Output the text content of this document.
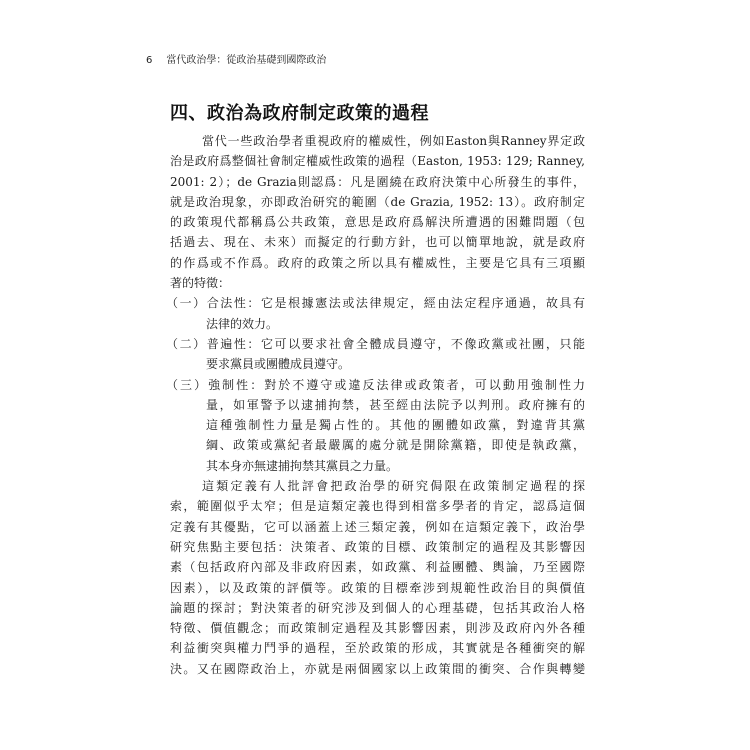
6 當代政治學：從政治基礎到國際政治
四、政治為政府制定政策的過程
當代一些政治學者重視政府的權威性，例如Easton與Ranney界定政
治是政府爲整個社會制定權威性政策的過程（Easton, 1953: 129; Ranney,
2001: 2）；de Grazia則認爲：凡是圍繞在政府決策中心所發生的事件，
就是政治現象，亦即政治研究的範圍（de Grazia, 1952: 13）。政府制定
的政策現代都稱爲公共政策，意思是政府爲解決所遭遇的困難問題（包
括過去、現在、未來）而擬定的行動方針，也可以簡單地說，就是政府
的作爲或不作爲。政府的政策之所以具有權威性，主要是它具有三項顯
著的特徵：
（一）合法性：它是根據憲法或法律規定，經由法定程序通過，故具有
法律的效力。
（二）普遍性：它可以要求社會全體成員遵守，不像政黨或社團，只能
要求黨員或團體成員遵守。
（三）強制性：對於不遵守或違反法律或政策者，可以動用強制性力
量，如軍警予以逮捕拘禁，甚至經由法院予以判刑。政府擁有的
這種強制性力量是獨占性的。其他的團體如政黨，對違背其黨
綱、政策或黨紀者最嚴厲的處分就是開除黨籍，即使是執政黨，
其本身亦無逮捕拘禁其黨員之力量。
這類定義有人批評會把政治學的研究侷限在政策制定過程的探
索，範圍似乎太窄；但是這類定義也得到相當多學者的肯定，認爲這個
定義有其優點，它可以涵蓋上述三類定義，例如在這類定義下，政治學
研究焦點主要包括：決策者、政策的目標、政策制定的過程及其影響因
素（包括政府內部及非政府因素，如政黨、利益團體、輿論，乃至國際
因素），以及政策的評價等。政策的目標牽涉到規範性政治目的與價值
論題的探討；對決策者的研究涉及到個人的心理基礎，包括其政治人格
特徵、價值觀念；而政策制定過程及其影響因素，則涉及政府內外各種
利益衝突與權力鬥爭的過程，至於政策的形成，其實就是各種衝突的解
決。又在國際政治上，亦就是兩個國家以上政策間的衝突、合作與轉變
